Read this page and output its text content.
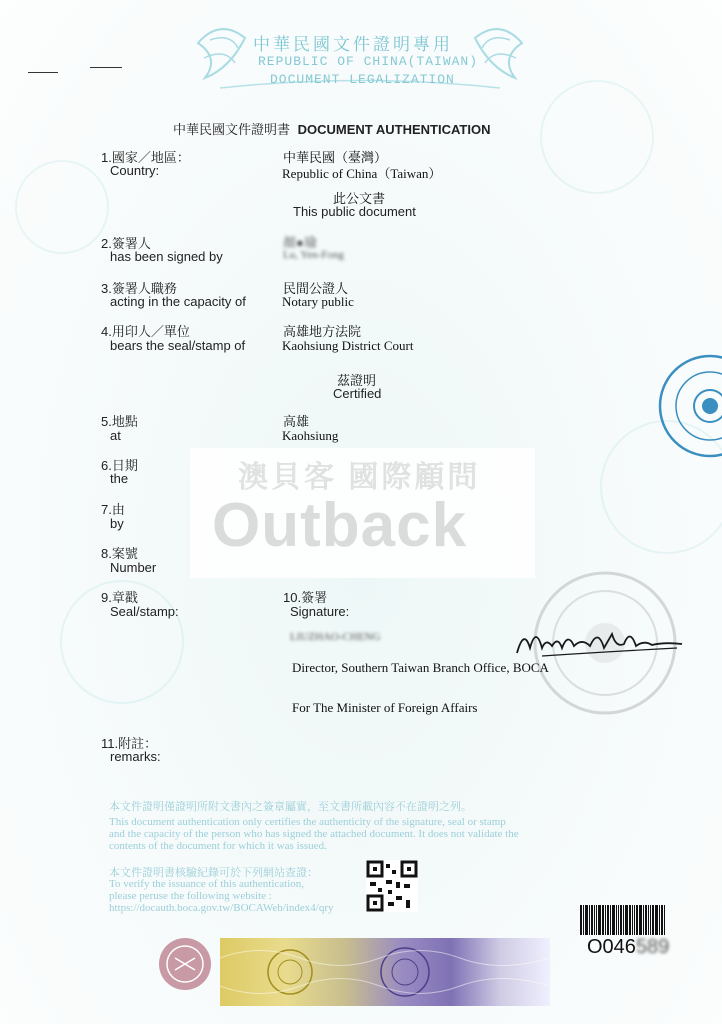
中華民國文件證明專用
REPUBLIC OF CHINA(TAIWAN)
DOCUMENT LEGALIZATION
中華民國文件證明書 DOCUMENT AUTHENTICATION
1.國家／地區：
Country:
中華民國（臺灣）
Republic of China（Taiwan）
此公文書
This public document
2.簽署人
has been signed by
顏●瑜
Lu, Yen-Fong
3.簽署人職務
acting in the capacity of
民間公證人
Notary public
4.用印人／單位
bears the seal/stamp of
高雄地方法院
Kaohsiung District Court
茲證明
Certified
5.地點
at
高雄
Kaohsiung
澳貝客 國際顧問
Outback
6.日期
the
7.由
by
8.案號
Number
9.章戳
Seal/stamp:
10.簽署
Signature:
LIUZHAO-CHENG
Director, Southern Taiwan Branch Office, BOCA
For The Minister of Foreign Affairs
11.附註：
remarks:
本文件證明僅證明所附文書內之簽章屬實，至文書所載內容不在證明之列。
This document authentication only certifies the authenticity of the signature, seal or stamp
and the capacity of the person who has signed the attached document. It does not validate the
contents of the document for which it was issued.
本文件證明書核驗紀錄可於下列網站查證：
To verify the issuance of this authentication,
please peruse the following website :
https://docauth.boca.gov.tw/BOCAWeb/index4/qry
O046589
